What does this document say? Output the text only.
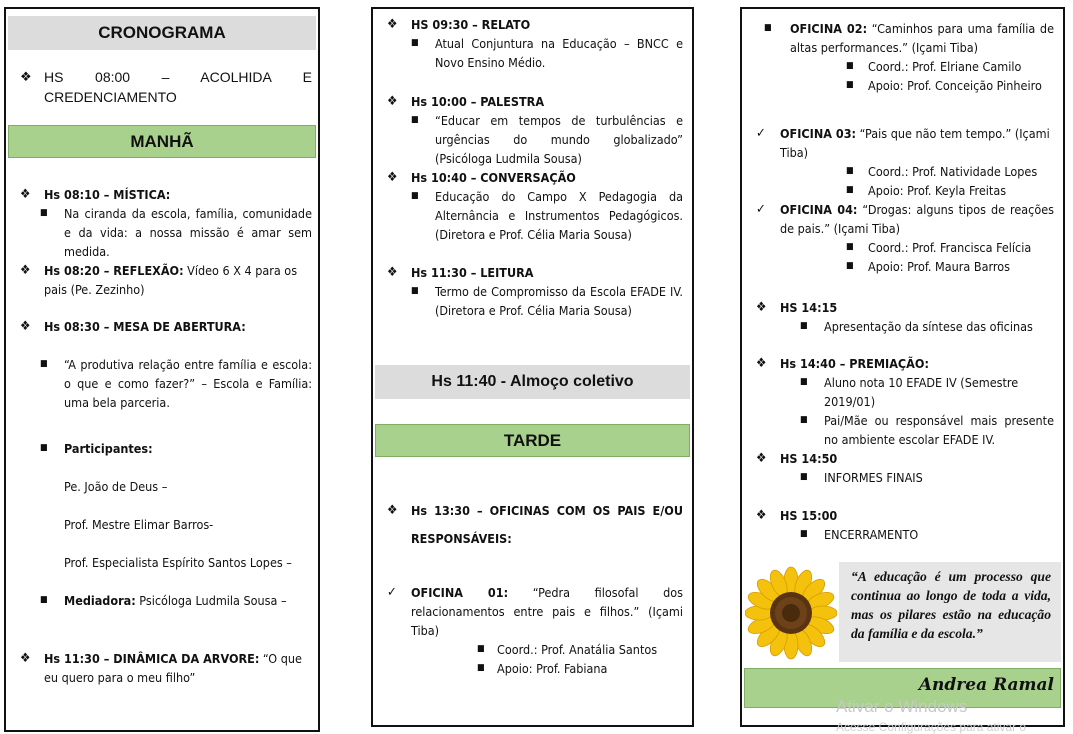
CRONOGRAMA
❖ HS 08:00 – ACOLHIDA E CREDENCIAMENTO
MANHÃ
❖ Hs 08:10 – MÍSTICA:
■ Na ciranda da escola, família, comunidade e da vida: a nossa missão é amar sem medida.
❖ Hs 08:20 – REFLEXÃO: Vídeo 6 X 4 para os pais (Pe. Zezinho)
❖ Hs 08:30 – MESA DE ABERTURA:
■ “A produtiva relação entre família e escola: o que e como fazer?” – Escola e Família: uma bela parceria.
■ Participantes:
Pe. João de Deus –
Prof. Mestre Elimar Barros-
Prof. Especialista Espírito Santos Lopes –
■ Mediadora: Psicóloga Ludmila Sousa –
❖ Hs 11:30 – DINÂMICA DA ARVORE: “O que eu quero para o meu filho”
❖ HS 09:30 – RELATO
■ Atual Conjuntura na Educação – BNCC e Novo Ensino Médio.
❖ Hs 10:00 – PALESTRA
■ “Educar em tempos de turbulências e urgências do mundo globalizado” (Psicóloga Ludmila Sousa)
❖ Hs 10:40 – CONVERSAÇÃO
■ Educação do Campo X Pedagogia da Alternância e Instrumentos Pedagógicos. (Diretora e Prof. Célia Maria Sousa)
❖ Hs 11:30 – LEITURA
■ Termo de Compromisso da Escola EFADE IV. (Diretora e Prof. Célia Maria Sousa)
Hs 11:40 - Almoço coletivo
TARDE
❖ Hs 13:30 – OFICINAS COM OS PAIS E/OU RESPONSÁVEIS:
✓ OFICINA 01: “Pedra filosofal dos relacionamentos entre pais e filhos.” (Içami Tiba)
■ Coord.: Prof. Anatália Santos
■ Apoio: Prof. Fabiana
■ OFICINA 02: “Caminhos para uma família de altas performances.” (Içami Tiba)
■ Coord.: Prof. Elriane Camilo
■ Apoio: Prof. Conceição Pinheiro
✓ OFICINA 03: “Pais que não tem tempo.” (Içami Tiba)
■ Coord.: Prof. Natividade Lopes
■ Apoio: Prof. Keyla Freitas
✓ OFICINA 04: “Drogas: alguns tipos de reações de pais.” (Içami Tiba)
■ Coord.: Prof. Francisca Felícia
■ Apoio: Prof. Maura Barros
❖ HS 14:15
■ Apresentação da síntese das oficinas
❖ Hs 14:40 – PREMIAÇÃO:
■ Aluno nota 10 EFADE IV (Semestre 2019/01)
■ Pai/Mãe ou responsável mais presente no ambiente escolar EFADE IV.
❖ HS 14:50
■ INFORMES FINAIS
❖ HS 15:00
■ ENCERRAMENTO
“A educação é um processo que continua ao longo de toda a vida, mas os pilares estão na educação da família e da escola.”
Andrea Ramal
Ativar o Windows
Acesse Configurações para ativar o
